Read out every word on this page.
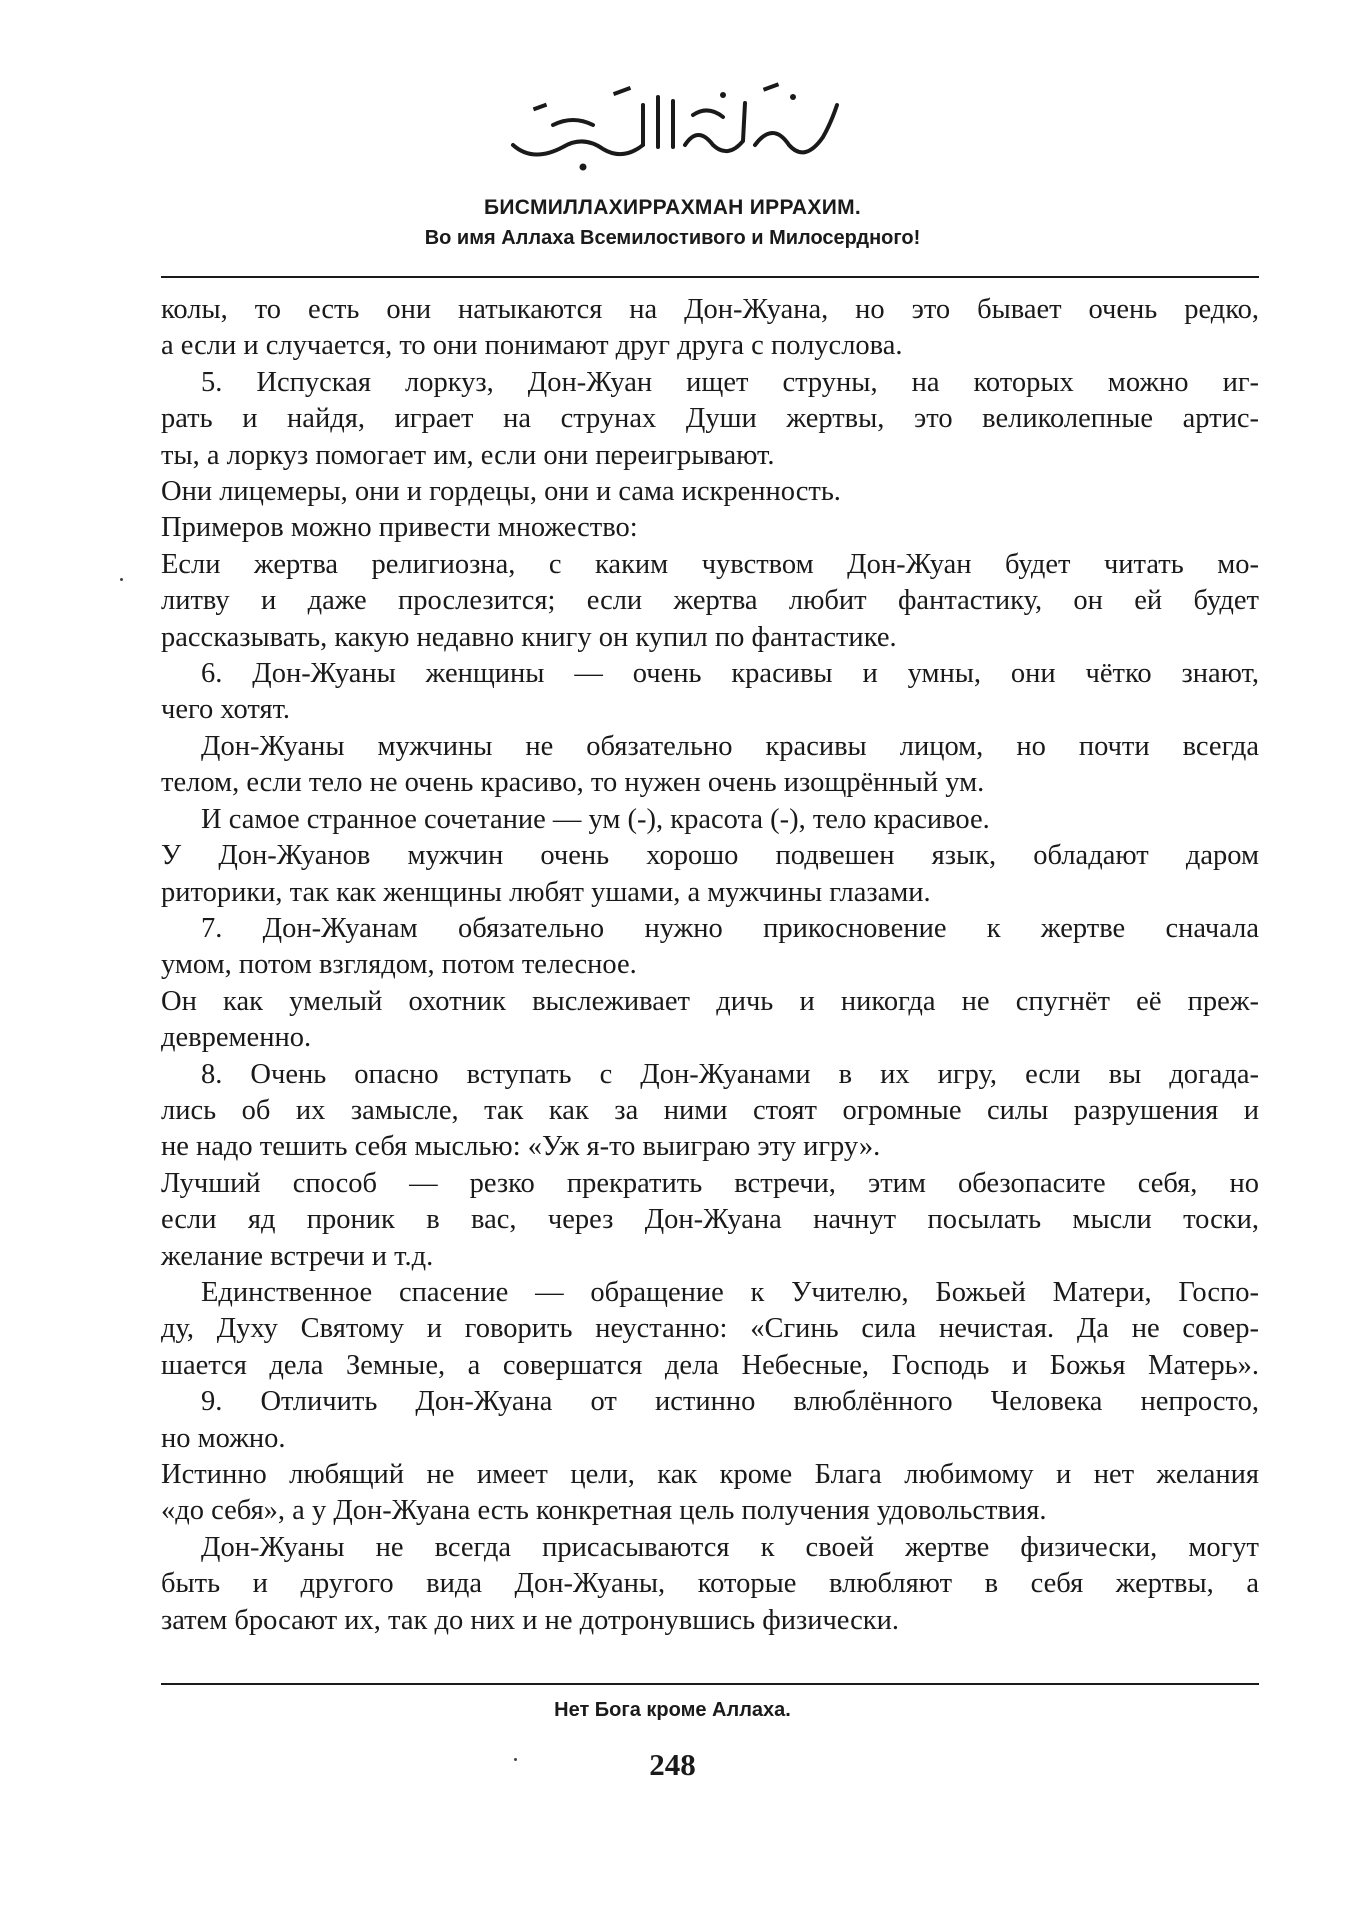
БИСМИЛЛАХИРРАХМАН ИРРАХИМ.
Во имя Аллаха Всемилостивого и Милосердного!
колы, то есть они натыкаются на Дон-Жуана, но это бывает очень редко,
а если и случается, то они понимают друг друга с полуслова.
5. Испуская лоркуз, Дон-Жуан ищет струны, на которых можно иг-
рать и найдя, играет на струнах Души жертвы, это великолепные артис-
ты, а лоркуз помогает им, если они переигрывают.
Они лицемеры, они и гордецы, они и сама искренность.
Примеров можно привести множество:
Если жертва религиозна, с каким чувством Дон-Жуан будет читать мо-
литву и даже прослезится; если жертва любит фантастику, он ей будет
рассказывать, какую недавно книгу он купил по фантастике.
6. Дон-Жуаны женщины — очень красивы и умны, они чётко знают,
чего хотят.
Дон-Жуаны мужчины не обязательно красивы лицом, но почти всегда
телом, если тело не очень красиво, то нужен очень изощрённый ум.
И самое странное сочетание — ум (-), красота (-), тело красивое.
У Дон-Жуанов мужчин очень хорошо подвешен язык, обладают даром
риторики, так как женщины любят ушами, а мужчины глазами.
7. Дон-Жуанам обязательно нужно прикосновение к жертве сначала
умом, потом взглядом, потом телесное.
Он как умелый охотник выслеживает дичь и никогда не спугнёт её преж-
девременно.
8. Очень опасно вступать с Дон-Жуанами в их игру, если вы догада-
лись об их замысле, так как за ними стоят огромные силы разрушения и
не надо тешить себя мыслью: «Уж я-то выиграю эту игру».
Лучший способ — резко прекратить встречи, этим обезопасите себя, но
если яд проник в вас, через Дон-Жуана начнут посылать мысли тоски,
желание встречи и т.д.
Единственное спасение — обращение к Учителю, Божьей Матери, Госпо-
ду, Духу Святому и говорить неустанно: «Сгинь сила нечистая. Да не совер-
шается дела Земные, а совершатся дела Небесные, Господь и Божья Матерь».
9. Отличить Дон-Жуана от истинно влюблённого Человека непросто,
но можно.
Истинно любящий не имеет цели, как кроме Блага любимому и нет желания
«до себя», а у Дон-Жуана есть конкретная цель получения удовольствия.
Дон-Жуаны не всегда присасываются к своей жертве физически, могут
быть и другого вида Дон-Жуаны, которые влюбляют в себя жертвы, а
затем бросают их, так до них и не дотронувшись физически.
Нет Бога кроме Аллаха.
248
